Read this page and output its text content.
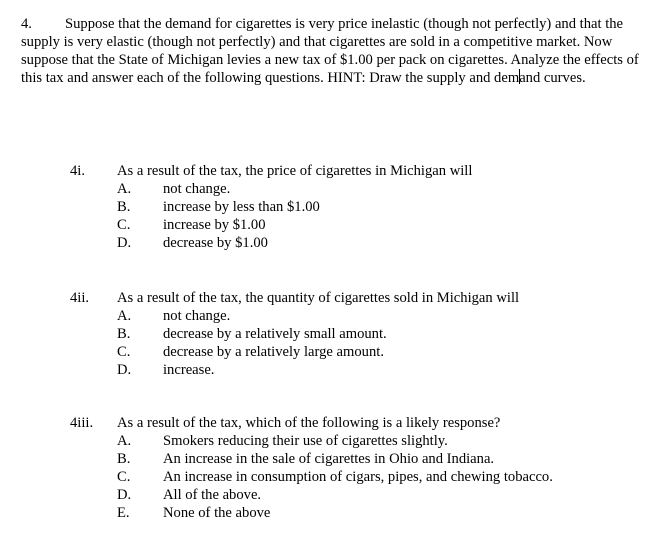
4. Suppose that the demand for cigarettes is very price inelastic (though not perfectly) and that the supply is very elastic (though not perfectly) and that cigarettes are sold in a competitive market. Now suppose that the State of Michigan levies a new tax of $1.00 per pack on cigarettes. Analyze the effects of this tax and answer each of the following questions. HINT: Draw the supply and demand curves.

4i. As a result of the tax, the price of cigarettes in Michigan will
A. not change.
B. increase by less than $1.00
C. increase by $1.00
D. decrease by $1.00
4ii. As a result of the tax, the quantity of cigarettes sold in Michigan will
A. not change.
B. decrease by a relatively small amount.
C. decrease by a relatively large amount.
D. increase.
4iii. As a result of the tax, which of the following is a likely response?
A. Smokers reducing their use of cigarettes slightly.
B. An increase in the sale of cigarettes in Ohio and Indiana.
C. An increase in consumption of cigars, pipes, and chewing tobacco.
D. All of the above.
E. None of the above
